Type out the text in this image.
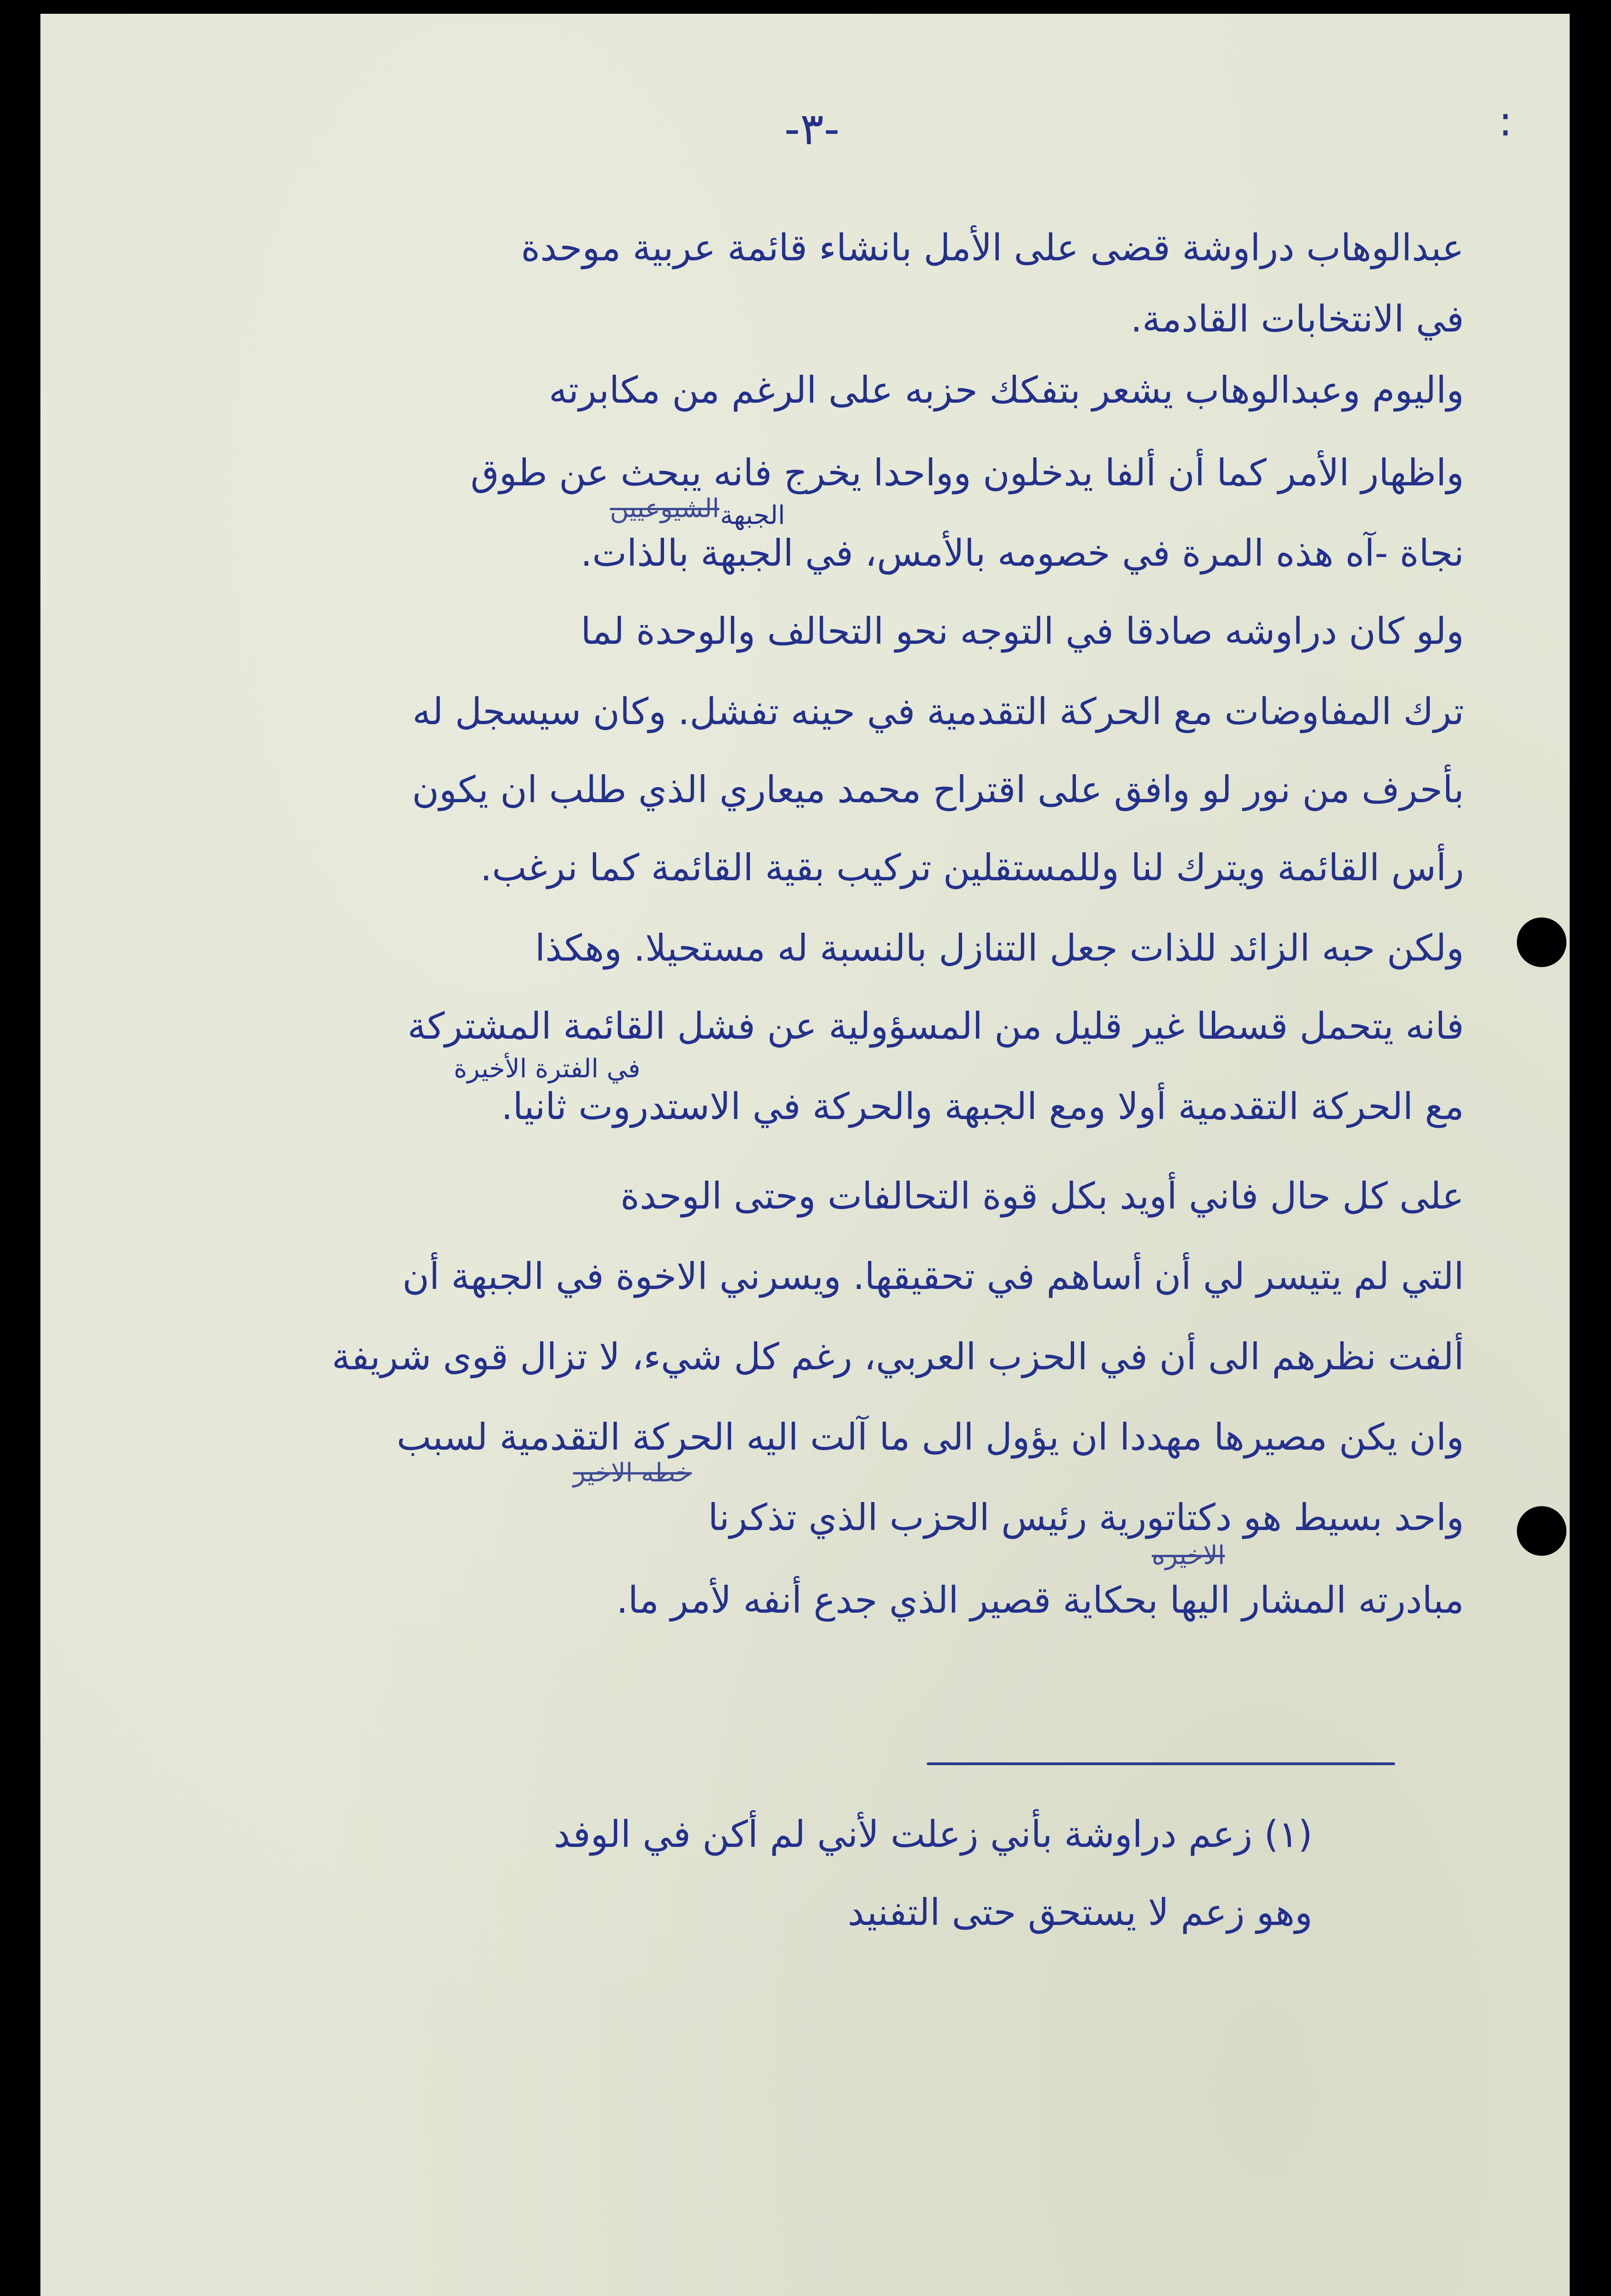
-٣-	:

عبدالوهاب دراوشة قضى على الأمل بانشاء قائمة عربية موحدة

في الانتخابات القادمة.

واليوم وعبدالوهاب يشعر بتفكك حزبه على الرغم من مكابرته

واظهار الأمر كما أن ألفا يدخلون وواحدا يخرج فانه يبحث عن طوق

الجبهة

نجاة -آه هذه المرة في خصومه بالأمس، في الجبهة بالذات.

ولو كان دراوشه صادقا في التوجه نحو التحالف والوحدة لما

ترك المفاوضات مع الحركة التقدمية في حينه تفشل. وكان سيسجل له

بأحرف من نور لو وافق على اقتراح محمد ميعاري الذي طلب ان يكون

رأس القائمة ويترك لنا وللمستقلين تركيب بقية القائمة كما نرغب.

ولكن حبه الزائد للذات جعل التنازل بالنسبة له مستحيلا. وهكذا

فانه يتحمل قسطا غير قليل من المسؤولية عن فشل القائمة المشتركة

في الفترة الأخيرة

مع الحركة التقدمية أولا ومع الجبهة والحركة في الاستدروت ثانيا.

على كل حال فاني أويد بكل قوة التحالفات وحتى الوحدة

التي لم يتيسر لي أن أساهم في تحقيقها. ويسرني الاخوة في الجبهة أن

ألفت نظرهم الى أن في الحزب العربي، رغم كل شيء، لا تزال قوى شريفة

وان يكن مصيرها مهددا ان يؤول الى ما آلت اليه الحركة التقدمية لسبب

واحد بسيط هو دكتاتورية رئيس الحزب الذي تذكرنا

مبادرته المشار اليها بحكاية قصير الذي جدع أنفه لأمر ما.

الشيوعيين
خطه الاخير
الاخيره

(١) زعم دراوشة بأني زعلت لأني لم أكن في الوفد

وهو زعم لا يستحق حتى التفنيد
